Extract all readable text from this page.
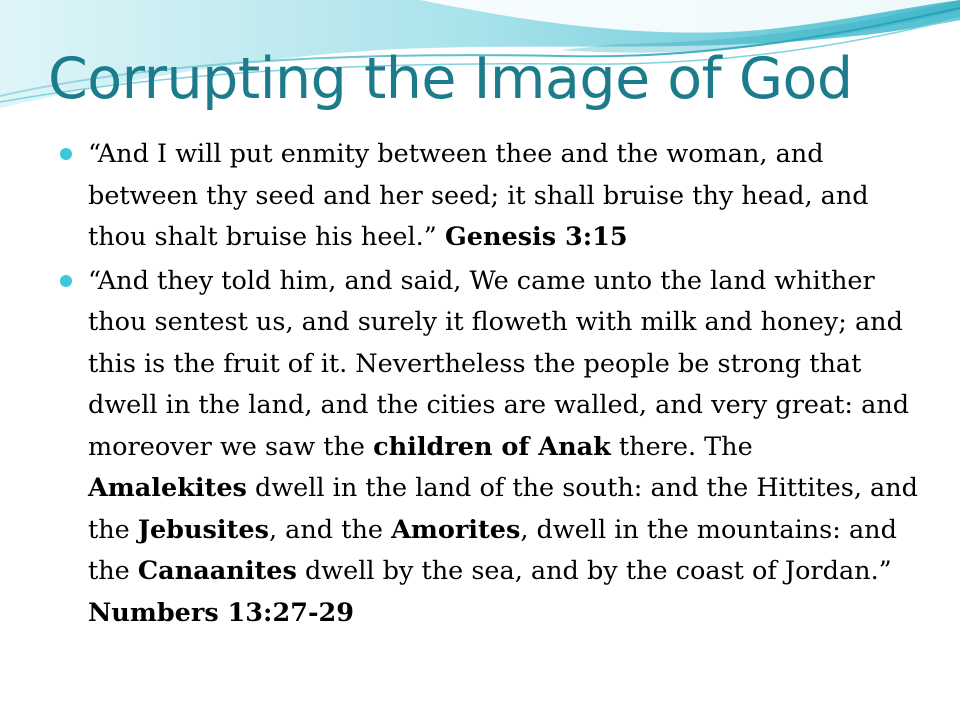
Corrupting the Image of God

“And I will put enmity between thee and the woman, and between thy seed and her seed; it shall bruise thy head, and thou shalt bruise his heel.” Genesis 3:15

“And they told him, and said, We came unto the land whither thou sentest us, and surely it floweth with milk and honey; and this is the fruit of it. Nevertheless the people be strong that dwell in the land, and the cities are walled, and very great: and moreover we saw the children of Anak there. The Amalekites dwell in the land of the south: and the Hittites, and the Jebusites, and the Amorites, dwell in the mountains: and the Canaanites dwell by the sea, and by the coast of Jordan.” Numbers 13:27-29
